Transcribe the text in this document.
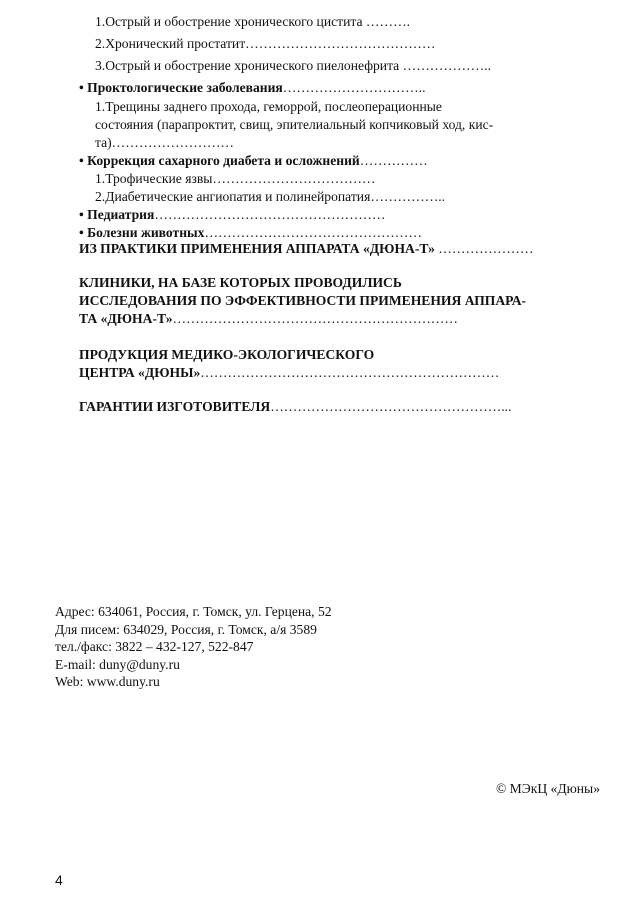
1.Острый и обострение хронического цистита ……….
2.Хронический простатит……………………………………
3.Острый и обострение хронического пиелонефрита ………………..
• Проктологические заболевания…………………………..
1.Трещины заднего прохода, геморрой, послеоперационные
состояния (парапроктит, свищ, эпителиальный копчиковый ход, кис-
та)………………………
• Коррекция сахарного диабета и осложнений……………
1.Трофические язвы………………………………
2.Диабетические ангиопатия и полинейропатия……………..
• Педиатрия……………………………………………
• Болезни животных…………………………………………
ИЗ ПРАКТИКИ ПРИМЕНЕНИЯ АППАРАТА «ДЮНА-Т» …………………
КЛИНИКИ, НА БАЗЕ КОТОРЫХ ПРОВОДИЛИСЬ
ИССЛЕДОВАНИЯ ПО ЭФФЕКТИВНОСТИ ПРИМЕНЕНИЯ АППАРА-
ТА «ДЮНА-Т»………………………………………………………
ПРОДУКЦИЯ МЕДИКО-ЭКОЛОГИЧЕСКОГО
ЦЕНТРА «ДЮНЫ»…………………………………………………………
ГАРАНТИИ ИЗГОТОВИТЕЛЯ……………………………………………...
Адрес: 634061, Россия, г. Томск, ул. Герцена, 52
Для писем: 634029, Россия, г. Томск, а/я 3589
тел./факс: 3822 – 432-127, 522-847
E-mail: duny@duny.ru
Web: www.duny.ru
© МЭкЦ «Дюны»
4
